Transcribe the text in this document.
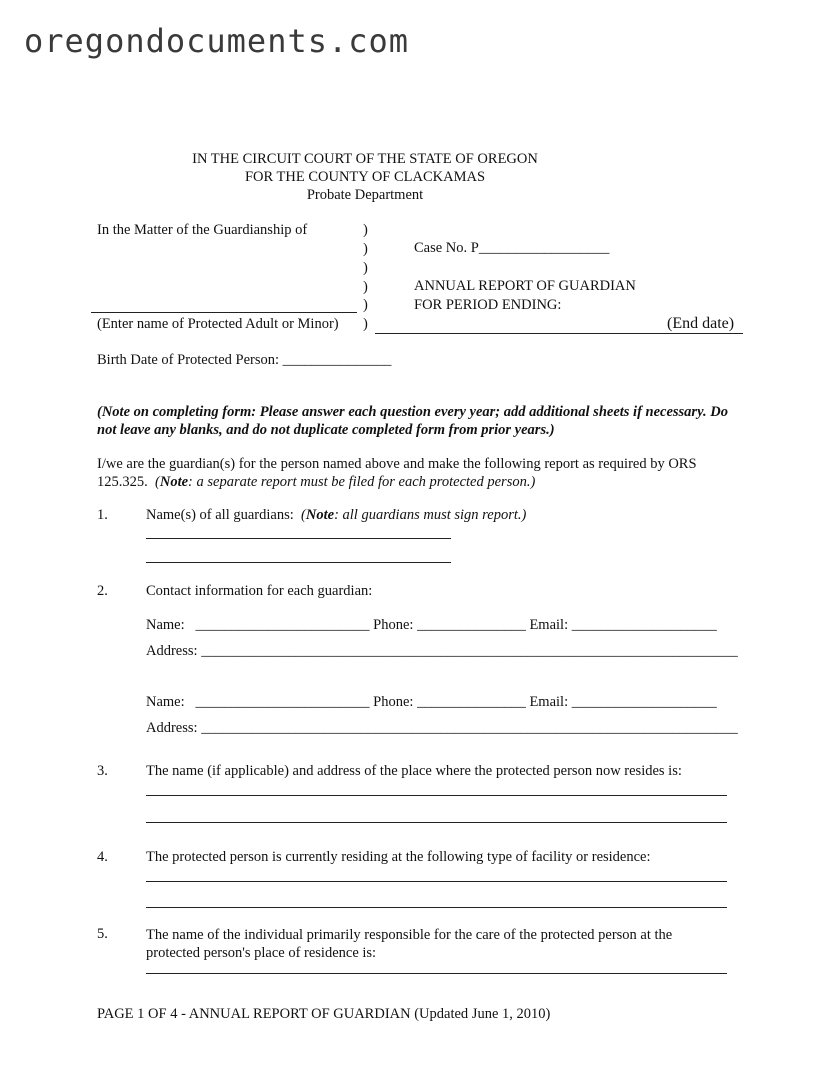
oregondocuments.com
IN THE CIRCUIT COURT OF THE STATE OF OREGON
FOR THE COUNTY OF CLACKAMAS
Probate Department
In the Matter of the Guardianship of	)
)
)
)
)
)
(Enter name of Protected Adult or Minor)
Case No. P__________________
ANNUAL REPORT OF GUARDIAN
FOR PERIOD ENDING:
(End date)
Birth Date of Protected Person: _______________
(Note on completing form: Please answer each question every year; add additional sheets if necessary. Do not leave any blanks, and do not duplicate completed form from prior years.)
I/we are the guardian(s) for the person named above and make the following report as required by ORS 125.325. (Note: a separate report must be filed for each protected person.)
1.	Name(s) of all guardians: (Note: all guardians must sign report.)
2.	Contact information for each guardian:
Name: ________________________ Phone: _______________ Email: ____________________
Address: __________________________________________________________________________
Name: ________________________ Phone: _______________ Email: ____________________
Address: __________________________________________________________________________
3.	The name (if applicable) and address of the place where the protected person now resides is:
4.	The protected person is currently residing at the following type of facility or residence:
5.	The name of the individual primarily responsible for the care of the protected person at the protected person's place of residence is:
PAGE 1 OF 4 - ANNUAL REPORT OF GUARDIAN (Updated June 1, 2010)
